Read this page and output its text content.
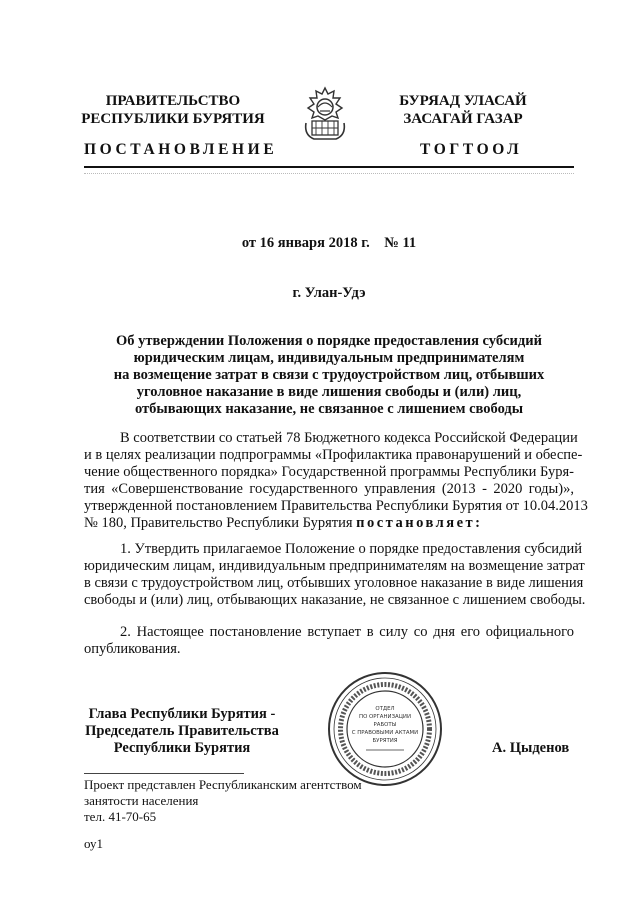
ПРАВИТЕЛЬСТВО
РЕСПУБЛИКИ БУРЯТИЯ
БУРЯАД УЛАСАЙ
ЗАСАГАЙ ГАЗАР
ПОСТАНОВЛЕНИЕ	ТОГТООЛ
от 16 января 2018 г.    № 11
г. Улан-Удэ
Об утверждении Положения о порядке предоставления субсидий
юридическим лицам, индивидуальным предпринимателям
на возмещение затрат в связи с трудоустройством лиц, отбывших
уголовное наказание в виде лишения свободы и (или) лиц,
отбывающих наказание, не связанное с лишением свободы
В соответствии со статьей 78 Бюджетного кодекса Российской Федерации
и в целях реализации подпрограммы «Профилактика правонарушений и обеспе-
чение общественного порядка» Государственной программы Республики Буря-
тия «Совершенствование государственного управления (2013 - 2020 годы)»,
утвержденной постановлением Правительства Республики Бурятия от 10.04.2013
№ 180, Правительство Республики Бурятия постановляет:
1. Утвердить прилагаемое Положение о порядке предоставления субсидий
юридическим лицам, индивидуальным предпринимателям на возмещение затрат
в связи с трудоустройством лиц, отбывших уголовное наказание в виде лишения
свободы и (или) лиц, отбывающих наказание, не связанное с лишением свободы.
2. Настоящее постановление вступает в силу со дня его официального
опубликования.
ОТДЕЛ
ПО ОРГАНИЗАЦИИ
РАБОТЫ
С ПРАВОВЫМИ АКТАМИ
БУРЯТИЯ
Глава Республики Бурятия -
Председатель Правительства
Республики Бурятия	А. Цыденов
Проект представлен Республиканским агентством
занятости населения
тел. 41-70-65
оу1
